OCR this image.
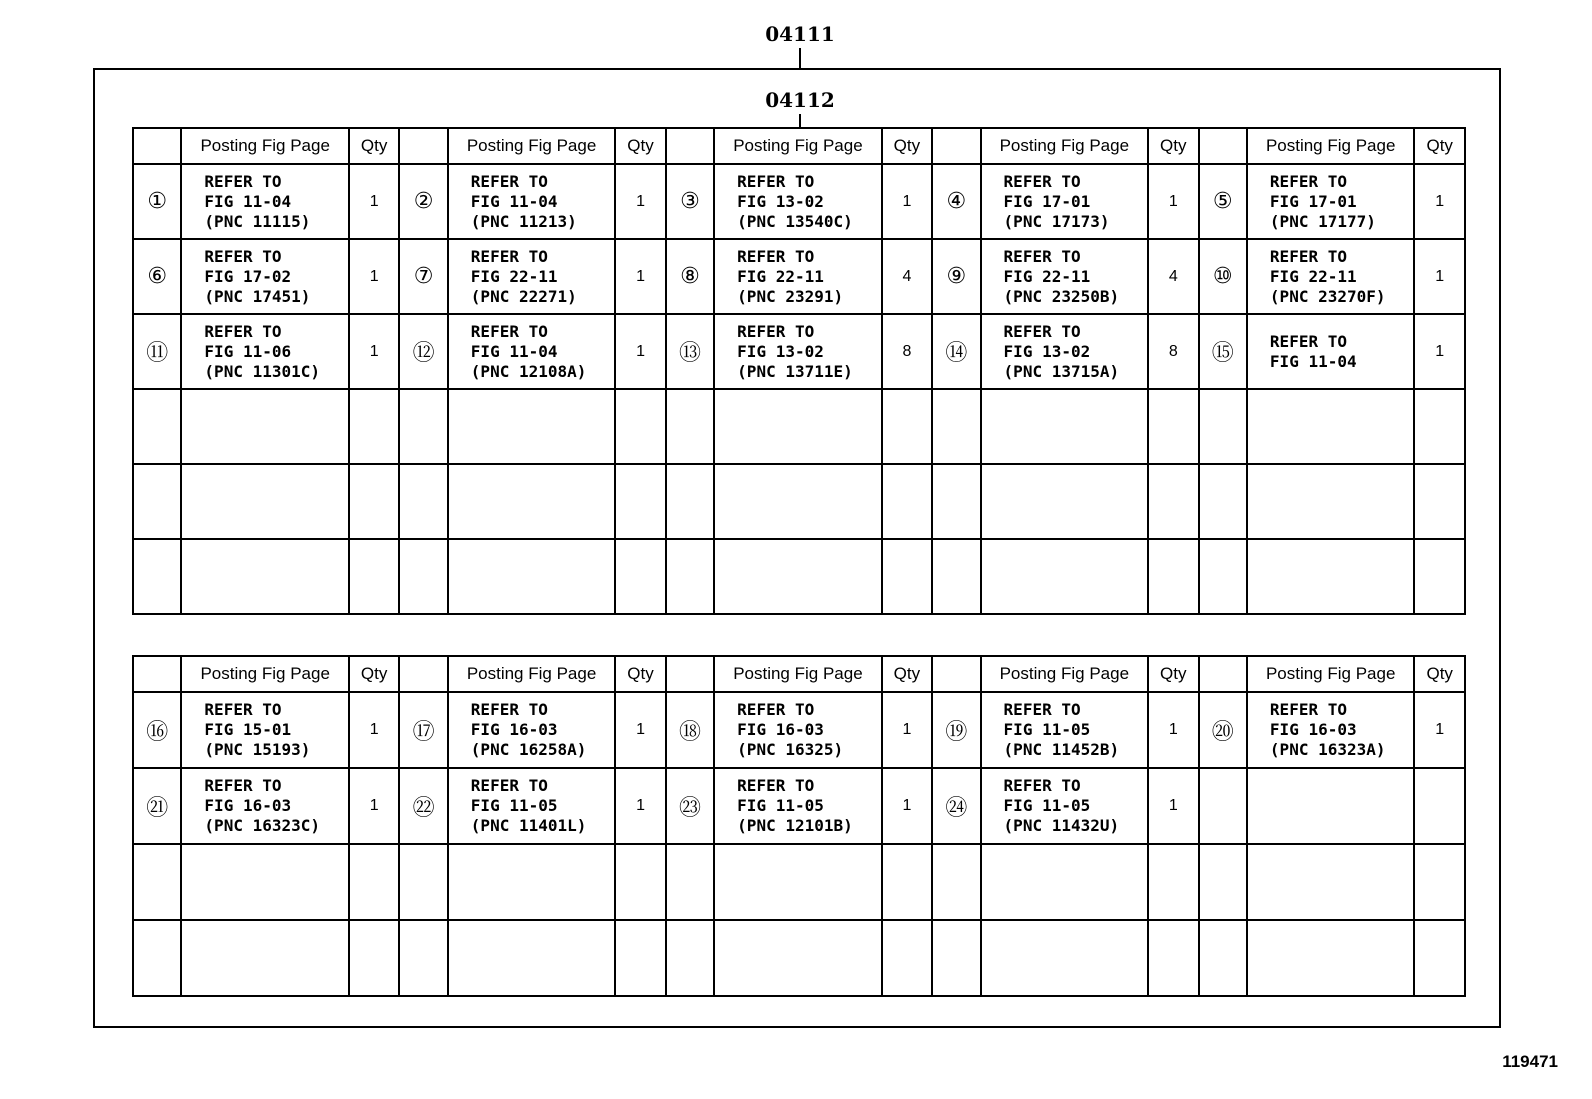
04111
04112
	Posting Fig Page	Qty		Posting Fig Page	Qty		Posting Fig Page	Qty		Posting Fig Page	Qty		Posting Fig Page	Qty
①	REFER TO
FIG 11-04
(PNC 11115)	1	②	REFER TO
FIG 11-04
(PNC 11213)	1	③	REFER TO
FIG 13-02
(PNC 13540C)	1	④	REFER TO
FIG 17-01
(PNC 17173)	1	⑤	REFER TO
FIG 17-01
(PNC 17177)	1
⑥	REFER TO
FIG 17-02
(PNC 17451)	1	⑦	REFER TO
FIG 22-11
(PNC 22271)	1	⑧	REFER TO
FIG 22-11
(PNC 23291)	4	⑨	REFER TO
FIG 22-11
(PNC 23250B)	4	⑩	REFER TO
FIG 22-11
(PNC 23270F)	1
⑪	REFER TO
FIG 11-06
(PNC 11301C)	1	⑫	REFER TO
FIG 11-04
(PNC 12108A)	1	⑬	REFER TO
FIG 13-02
(PNC 13711E)	8	⑭	REFER TO
FIG 13-02
(PNC 13715A)	8	⑮	REFER TO
FIG 11-04	1

	Posting Fig Page	Qty		Posting Fig Page	Qty		Posting Fig Page	Qty		Posting Fig Page	Qty		Posting Fig Page	Qty
⑯	REFER TO
FIG 15-01
(PNC 15193)	1	⑰	REFER TO
FIG 16-03
(PNC 16258A)	1	⑱	REFER TO
FIG 16-03
(PNC 16325)	1	⑲	REFER TO
FIG 11-05
(PNC 11452B)	1	⑳	REFER TO
FIG 16-03
(PNC 16323A)	1
㉑	REFER TO
FIG 16-03
(PNC 16323C)	1	㉒	REFER TO
FIG 11-05
(PNC 11401L)	1	㉓	REFER TO
FIG 11-05
(PNC 12101B)	1	㉔	REFER TO
FIG 11-05
(PNC 11432U)	1		

119471
